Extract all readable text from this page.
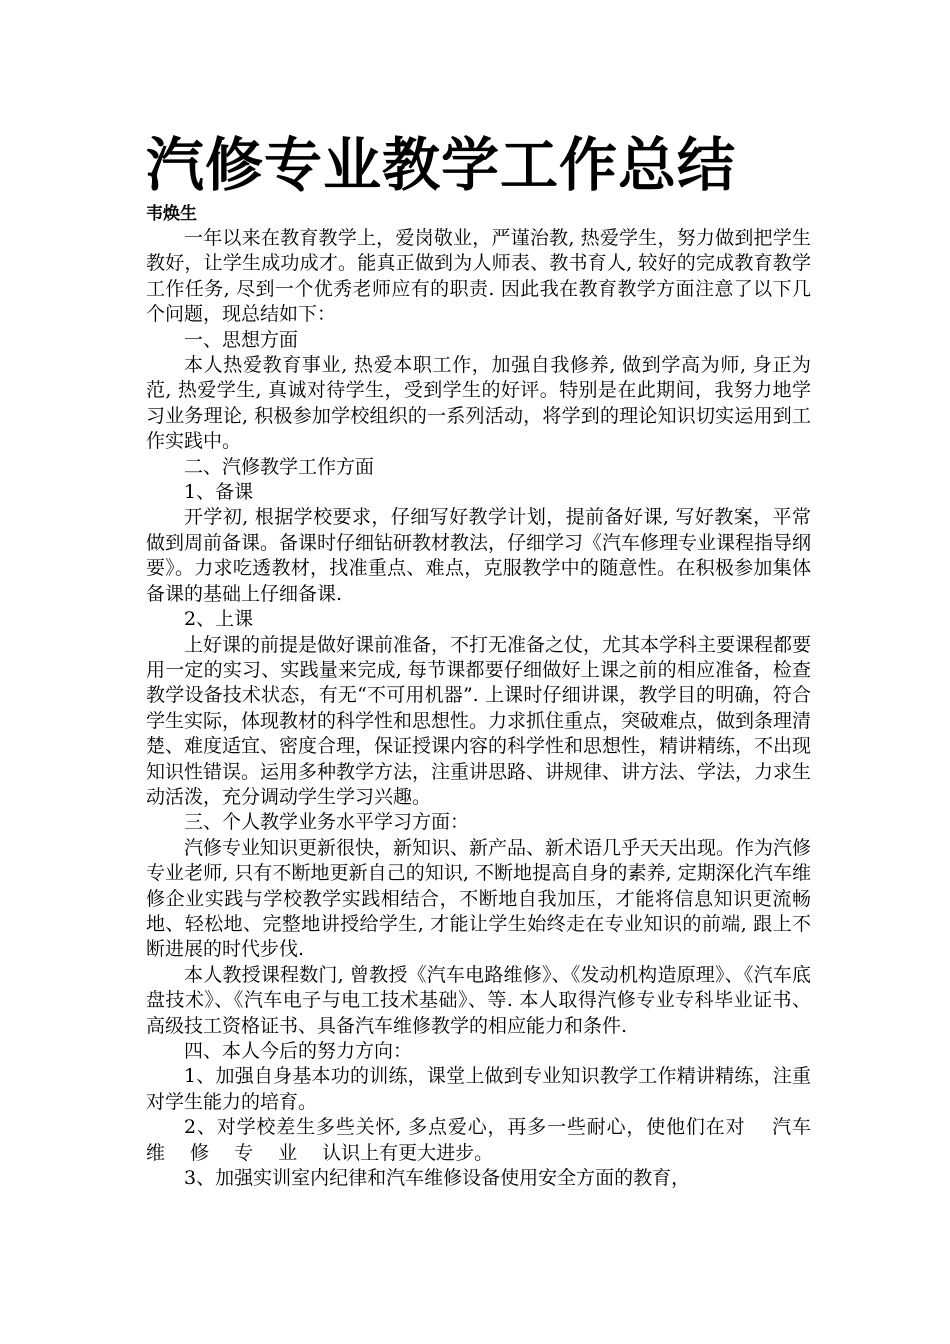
汽修专业教学工作总结

韦焕生

一年以来在教育教学上，爱岗敬业，严谨治教, 热爱学生，努力做到把学生教好，让学生成功成才。能真正做到为人师表、教书育人, 较好的完成教育教学工作任务, 尽到一个优秀老师应有的职责. 因此我在教育教学方面注意了以下几个问题，现总结如下：

一、思想方面

本人热爱教育事业, 热爱本职工作，加强自我修养, 做到学高为师, 身正为范, 热爱学生, 真诚对待学生，受到学生的好评。特别是在此期间，我努力地学习业务理论, 积极参加学校组织的一系列活动，将学到的理论知识切实运用到工作实践中。

二、汽修教学工作方面

1、备课

开学初, 根据学校要求，仔细写好教学计划，提前备好课, 写好教案，平常做到周前备课。备课时仔细钻研教材教法，仔细学习《汽车修理专业课程指导纲要》。力求吃透教材，找准重点、难点，克服教学中的随意性。在积极参加集体备课的基础上仔细备课.

2、上课

上好课的前提是做好课前准备，不打无准备之仗，尤其本学科主要课程都要用一定的实习、实践量来完成, 每节课都要仔细做好上课之前的相应准备，检查教学设备技术状态，有无“不可用机器”. 上课时仔细讲课，教学目的明确，符合学生实际，体现教材的科学性和思想性。力求抓住重点，突破难点，做到条理清楚、难度适宜、密度合理，保证授课内容的科学性和思想性，精讲精练，不出现知识性错误。运用多种教学方法，注重讲思路、讲规律、讲方法、学法，力求生动活泼，充分调动学生学习兴趣。

三、个人教学业务水平学习方面：

汽修专业知识更新很快，新知识、新产品、新术语几乎天天出现。作为汽修专业老师, 只有不断地更新自己的知识, 不断地提高自身的素养, 定期深化汽车维修企业实践与学校教学实践相结合，不断地自我加压，才能将信息知识更流畅地、轻松地、完整地讲授给学生, 才能让学生始终走在专业知识的前端, 跟上不断进展的时代步伐.

本人教授课程数门, 曾教授《汽车电路维修》、《发动机构造原理》、《汽车底盘技术》、《汽车电子与电工技术基础》、等. 本人取得汽修专业专科毕业证书、高级技工资格证书、具备汽车维修教学的相应能力和条件.

四、本人今后的努力方向：

1、加强自身基本功的训练，课堂上做到专业知识教学工作精讲精练，注重对学生能力的培育。

2、对学校差生多些关怀, 多点爱心，再多一些耐心，使他们在对　 汽车　维　 修　 专　 业　 认识上有更大进步。

3、加强实训室内纪律和汽车维修设备使用安全方面的教育，
